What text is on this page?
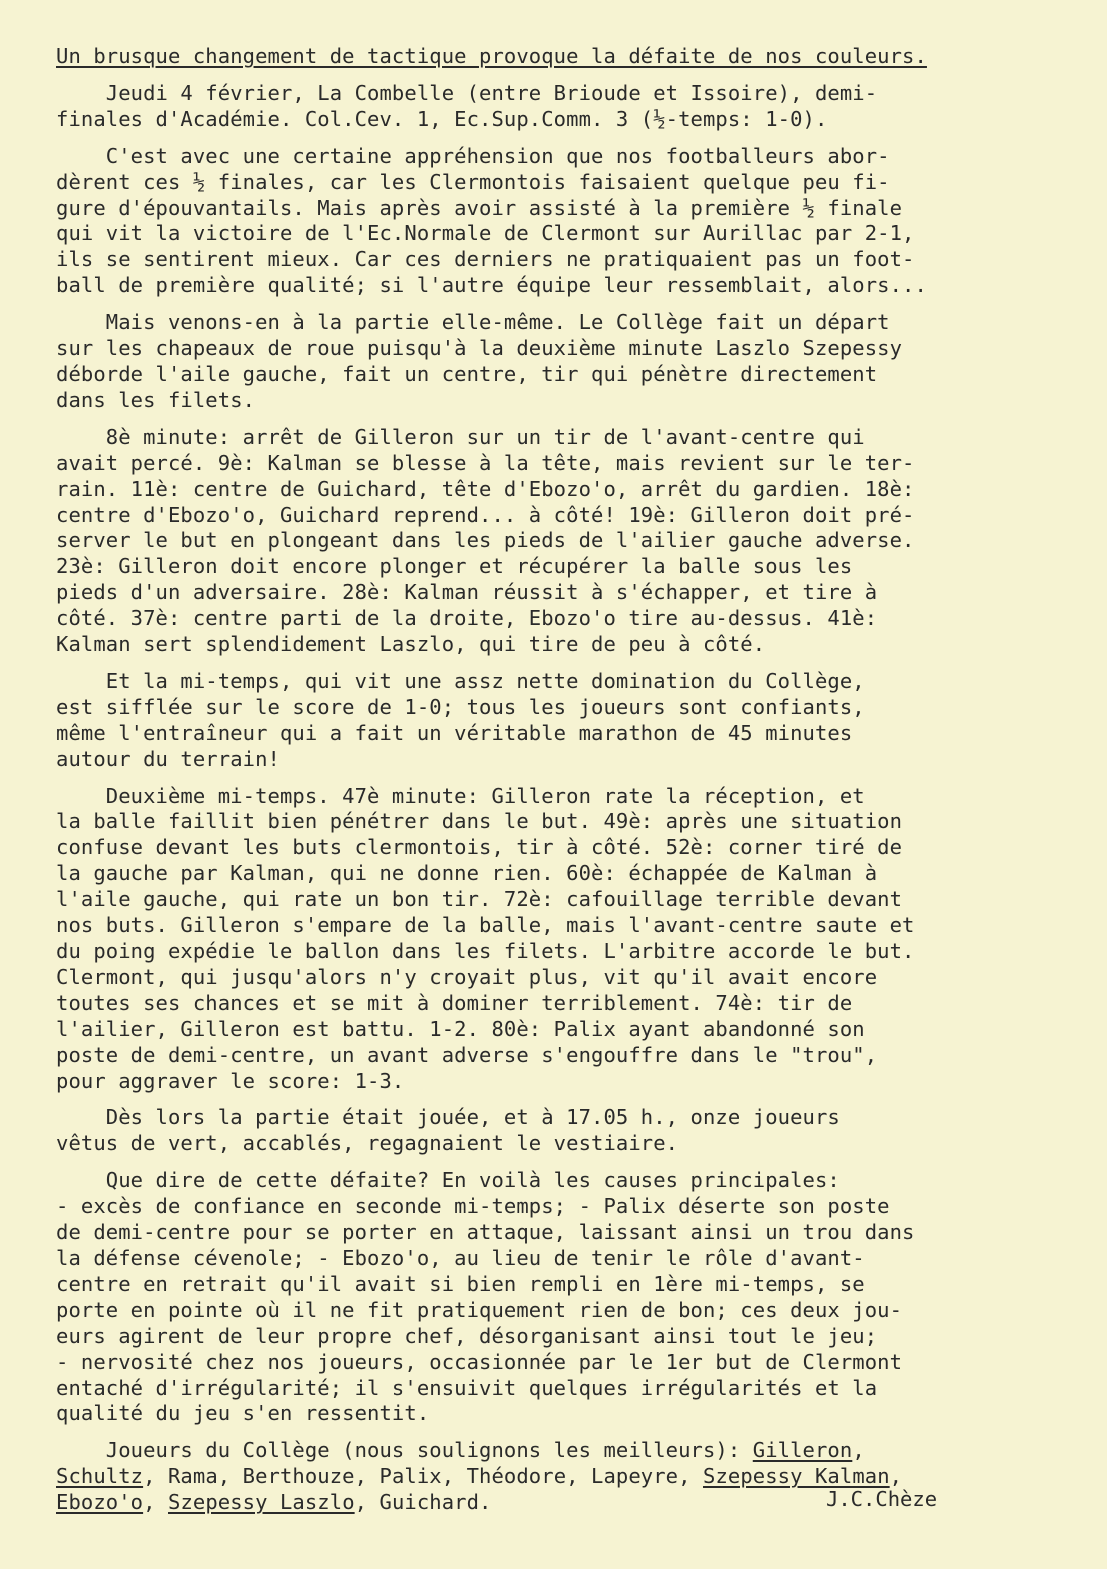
Un brusque changement de tactique provoque la défaite de nos couleurs.
Jeudi 4 février, La Combelle (entre Brioude et Issoire), demi-
finales d'Académie. Col.Cev. 1, Ec.Sup.Comm. 3 (½-temps: 1-0).
C'est avec une certaine appréhension que nos footballeurs abor-
dèrent ces ½ finales, car les Clermontois faisaient quelque peu fi-
gure d'épouvantails. Mais après avoir assisté à la première ½ finale
qui vit la victoire de l'Ec.Normale de Clermont sur Aurillac par 2-1,
ils se sentirent mieux. Car ces derniers ne pratiquaient pas un foot-
ball de première qualité; si l'autre équipe leur ressemblait, alors...
Mais venons-en à la partie elle-même. Le Collège fait un départ
sur les chapeaux de roue puisqu'à la deuxième minute Laszlo Szepessy
déborde l'aile gauche, fait un centre, tir qui pénètre directement
dans les filets.
8è minute: arrêt de Gilleron sur un tir de l'avant-centre qui
avait percé. 9è: Kalman se blesse à la tête, mais revient sur le ter-
rain. 11è: centre de Guichard, tête d'Ebozo'o, arrêt du gardien. 18è:
centre d'Ebozo'o, Guichard reprend... à côté! 19è: Gilleron doit pré-
server le but en plongeant dans les pieds de l'ailier gauche adverse.
23è: Gilleron doit encore plonger et récupérer la balle sous les
pieds d'un adversaire. 28è: Kalman réussit à s'échapper, et tire à
côté. 37è: centre parti de la droite, Ebozo'o tire au-dessus. 41è:
Kalman sert splendidement Laszlo, qui tire de peu à côté.
Et la mi-temps, qui vit une assz nette domination du Collège,
est sifflée sur le score de 1-0; tous les joueurs sont confiants,
même l'entraîneur qui a fait un véritable marathon de 45 minutes
autour du terrain!
Deuxième mi-temps. 47è minute: Gilleron rate la réception, et
la balle faillit bien pénétrer dans le but. 49è: après une situation
confuse devant les buts clermontois, tir à côté. 52è: corner tiré de
la gauche par Kalman, qui ne donne rien. 60è: échappée de Kalman à
l'aile gauche, qui rate un bon tir. 72è: cafouillage terrible devant
nos buts. Gilleron s'empare de la balle, mais l'avant-centre saute et
du poing expédie le ballon dans les filets. L'arbitre accorde le but.
Clermont, qui jusqu'alors n'y croyait plus, vit qu'il avait encore
toutes ses chances et se mit à dominer terriblement. 74è: tir de
l'ailier, Gilleron est battu. 1-2. 80è: Palix ayant abandonné son
poste de demi-centre, un avant adverse s'engouffre dans le "trou",
pour aggraver le score: 1-3.
Dès lors la partie était jouée, et à 17.05 h., onze joueurs
vêtus de vert, accablés, regagnaient le vestiaire.
Que dire de cette défaite? En voilà les causes principales:
- excès de confiance en seconde mi-temps; - Palix déserte son poste
de demi-centre pour se porter en attaque, laissant ainsi un trou dans
la défense cévenole; - Ebozo'o, au lieu de tenir le rôle d'avant-
centre en retrait qu'il avait si bien rempli en 1ère mi-temps, se
porte en pointe où il ne fit pratiquement rien de bon; ces deux jou-
eurs agirent de leur propre chef, désorganisant ainsi tout le jeu;
- nervosité chez nos joueurs, occasionnée par le 1er but de Clermont
entaché d'irrégularité; il s'ensuivit quelques irrégularités et la
qualité du jeu s'en ressentit.
Joueurs du Collège (nous soulignons les meilleurs): Gilleron,
Schultz, Rama, Berthouze, Palix, Théodore, Lapeyre, Szepessy Kalman,
Ebozo'o, Szepessy Laszlo, Guichard.	J.C.Chèze
